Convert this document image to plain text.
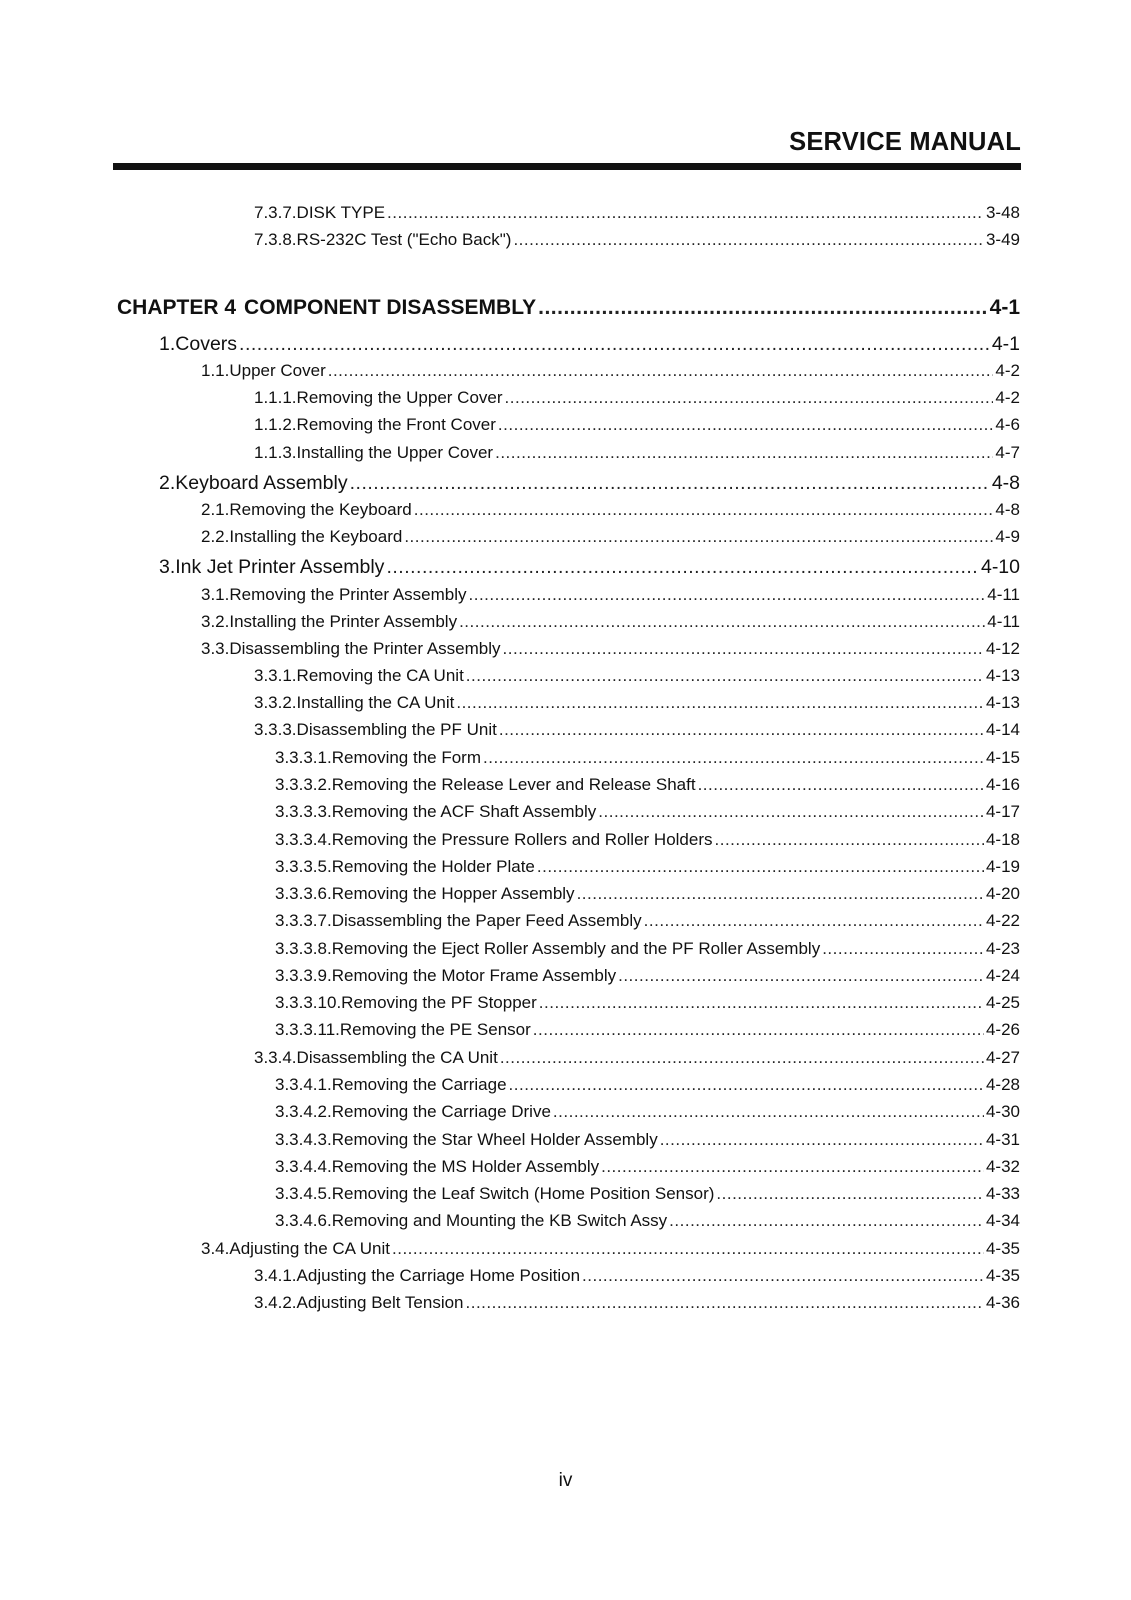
SERVICE MANUAL
7.3.7. DISK TYPE .....	3-48
7.3.8. RS-232C Test ("Echo Back") .....	3-49
CHAPTER 4 COMPONENT DISASSEMBLY .....	4-1
1. Covers .....	4-1
1.1. Upper Cover .....	4-2
1.1.1. Removing the Upper Cover .....	4-2
1.1.2. Removing the Front Cover .....	4-6
1.1.3. Installing the Upper Cover .....	4-7
2. Keyboard Assembly .....	4-8
2.1. Removing the Keyboard .....	4-8
2.2. Installing the Keyboard .....	4-9
3. Ink Jet Printer Assembly .....	4-10
3.1. Removing the Printer Assembly .....	4-11
3.2. Installing the Printer Assembly .....	4-11
3.3. Disassembling the Printer Assembly .....	4-12
3.3.1. Removing the CA Unit .....	4-13
3.3.2. Installing the CA Unit .....	4-13
3.3.3. Disassembling the PF Unit .....	4-14
3.3.3.1. Removing the Form .....	4-15
3.3.3.2. Removing the Release Lever and Release Shaft .....	4-16
3.3.3.3. Removing the ACF Shaft Assembly .....	4-17
3.3.3.4. Removing the Pressure Rollers and Roller Holders .....	4-18
3.3.3.5. Removing the Holder Plate .....	4-19
3.3.3.6. Removing the Hopper Assembly .....	4-20
3.3.3.7. Disassembling the Paper Feed Assembly .....	4-22
3.3.3.8. Removing the Eject Roller Assembly and the PF Roller Assembly .....	4-23
3.3.3.9. Removing the Motor Frame Assembly .....	4-24
3.3.3.10. Removing the PF Stopper .....	4-25
3.3.3.11. Removing the PE Sensor .....	4-26
3.3.4. Disassembling the CA Unit .....	4-27
3.3.4.1. Removing the Carriage .....	4-28
3.3.4.2. Removing the Carriage Drive .....	4-30
3.3.4.3. Removing the Star Wheel Holder Assembly .....	4-31
3.3.4.4. Removing the MS Holder Assembly .....	4-32
3.3.4.5. Removing the Leaf Switch (Home Position Sensor) .....	4-33
3.3.4.6. Removing and Mounting the KB Switch Assy .....	4-34
3.4. Adjusting the CA Unit .....	4-35
3.4.1. Adjusting the Carriage Home Position .....	4-35
3.4.2. Adjusting Belt Tension .....	4-36
iv
